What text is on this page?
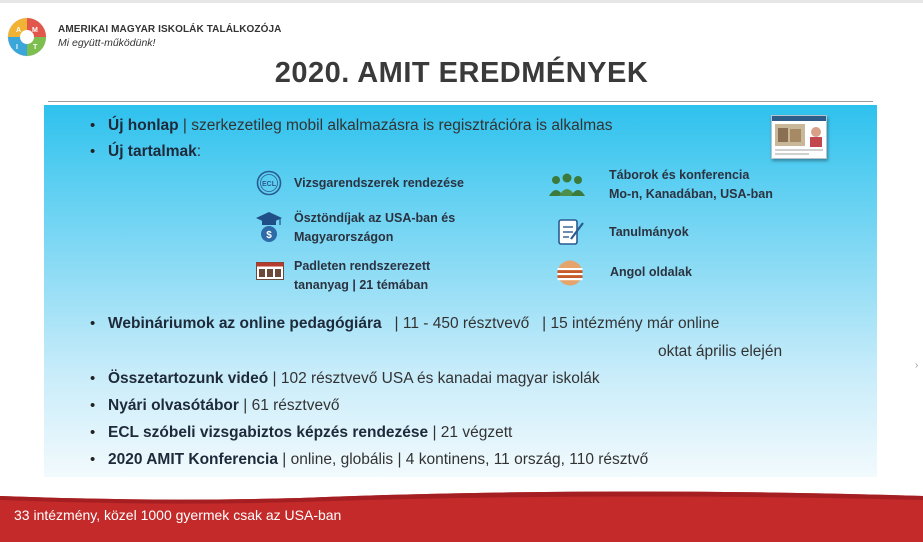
A M
I T
AMERIKAI MAGYAR ISKOLÁK TALÁLKOZÓJA
Mi együtt-működünk!
2020. AMIT EREDMÉNYEK
• Új honlap | szerkezetileg mobil alkalmazásra is regisztrációra is alkalmas
• Új tartalmak:
ECL Vizsgarendszerek rendezése
$
Ösztöndíjak az USA-ban és
Magyarországon
Padleten rendszerezett
tananyag | 21 témában
Táborok és konferencia
Mo-n, Kanadában, USA-ban
Tanulmányok
Angol oldalak
• Webináriumok az online pedagógiára   | 11 - 450 résztvevő   | 15 intézmény már online
oktat április elején
• Összetartozunk videó | 102 résztvevő USA és kanadai magyar iskolák
• Nyári olvasótábor | 61 résztvevő
• ECL szóbeli vizsgabiztos képzés rendezése | 21 végzett
• 2020 AMIT Konferencia | online, globális | 4 kontinens, 11 ország, 110 résztvő
33 intézmény, közel 1000 gyermek csak az USA-ban
›
